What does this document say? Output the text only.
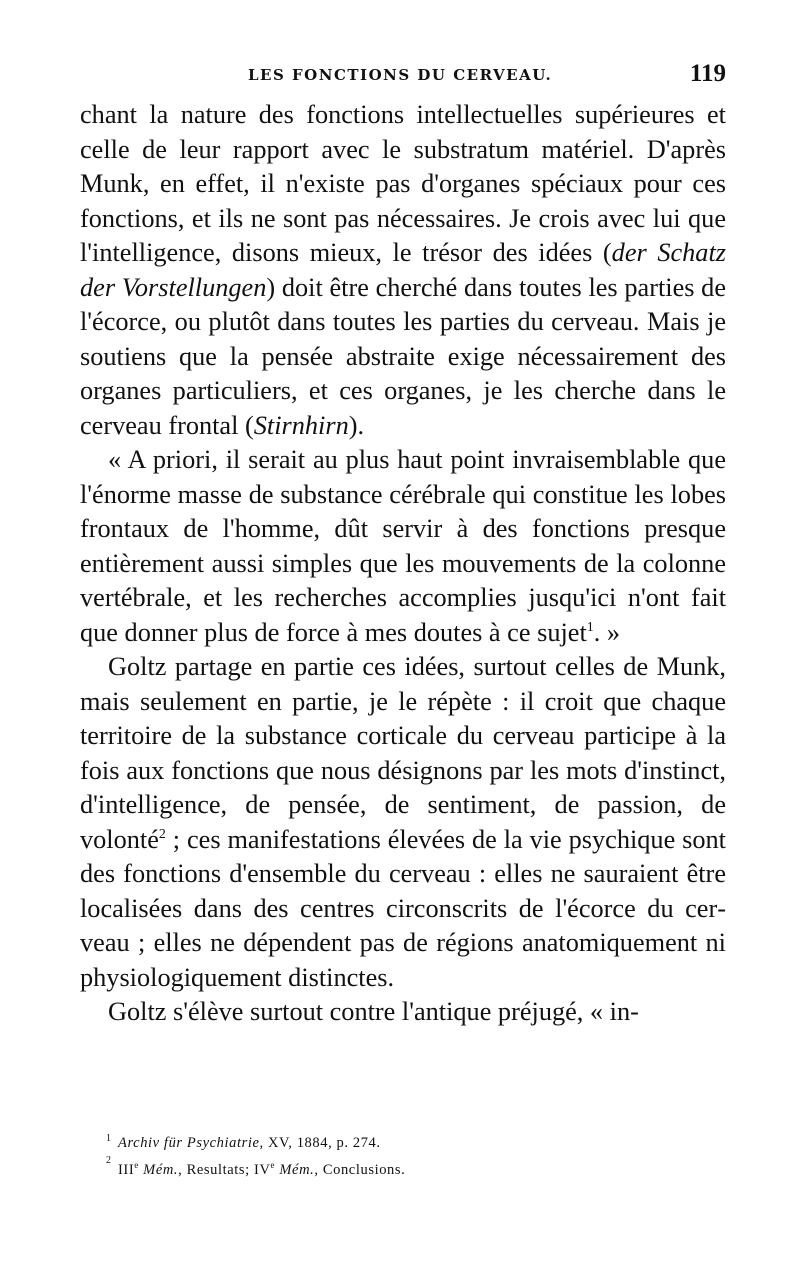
LES FONCTIONS DU CERVEAU.	119

chant la nature des fonctions intellectuelles supérieures et celle de leur rapport avec le substratum matériel. D'après Munk, en effet, il n'existe pas d'organes spéciaux pour ces fonctions, et ils ne sont pas nécessaires. Je crois avec lui que l'intelligence, disons mieux, le trésor des idées (der Schatz der Vorstellungen) doit être cherché dans toutes les parties de l'écorce, ou plutôt dans toutes les parties du cerveau. Mais je soutiens que la pensée abstraite exige nécessairement des organes particuliers, et ces organes, je les cherche dans le cerveau frontal (Stirnhirn).

« A priori, il serait au plus haut point invraisemblable que l'énorme masse de substance cérébrale qui constitue les lobes frontaux de l'homme, dût servir à des fonctions presque entièrement aussi simples que les mouvements de la colonne vertébrale, et les recherches accomplies jusqu'ici n'ont fait que donner plus de force à mes doutes à ce sujet$^1$. »

Goltz partage en partie ces idées, surtout celles de Munk, mais seulement en partie, je le répète : il croit que chaque territoire de la substance corticale du cerveau participe à la fois aux fonctions que nous désignons par les mots d'instinct, d'intelligence, de pensée, de sentiment, de passion, de volonté$^2$ ; ces manifestations élevées de la vie psychique sont des fonctions d'ensemble du cerveau : elles ne sauraient être localisées dans des centres circonscrits de l'écorce du cerveau ; elles ne dépendent pas de régions anatomiquement ni physiologiquement distinctes.

Goltz s'élève surtout contre l'antique préjugé, « in-

1 Archiv für Psychiatrie, XV, 1884, p. 274.
2
IIIe Mém., Resultats; IVe Mém., Conclusions.
